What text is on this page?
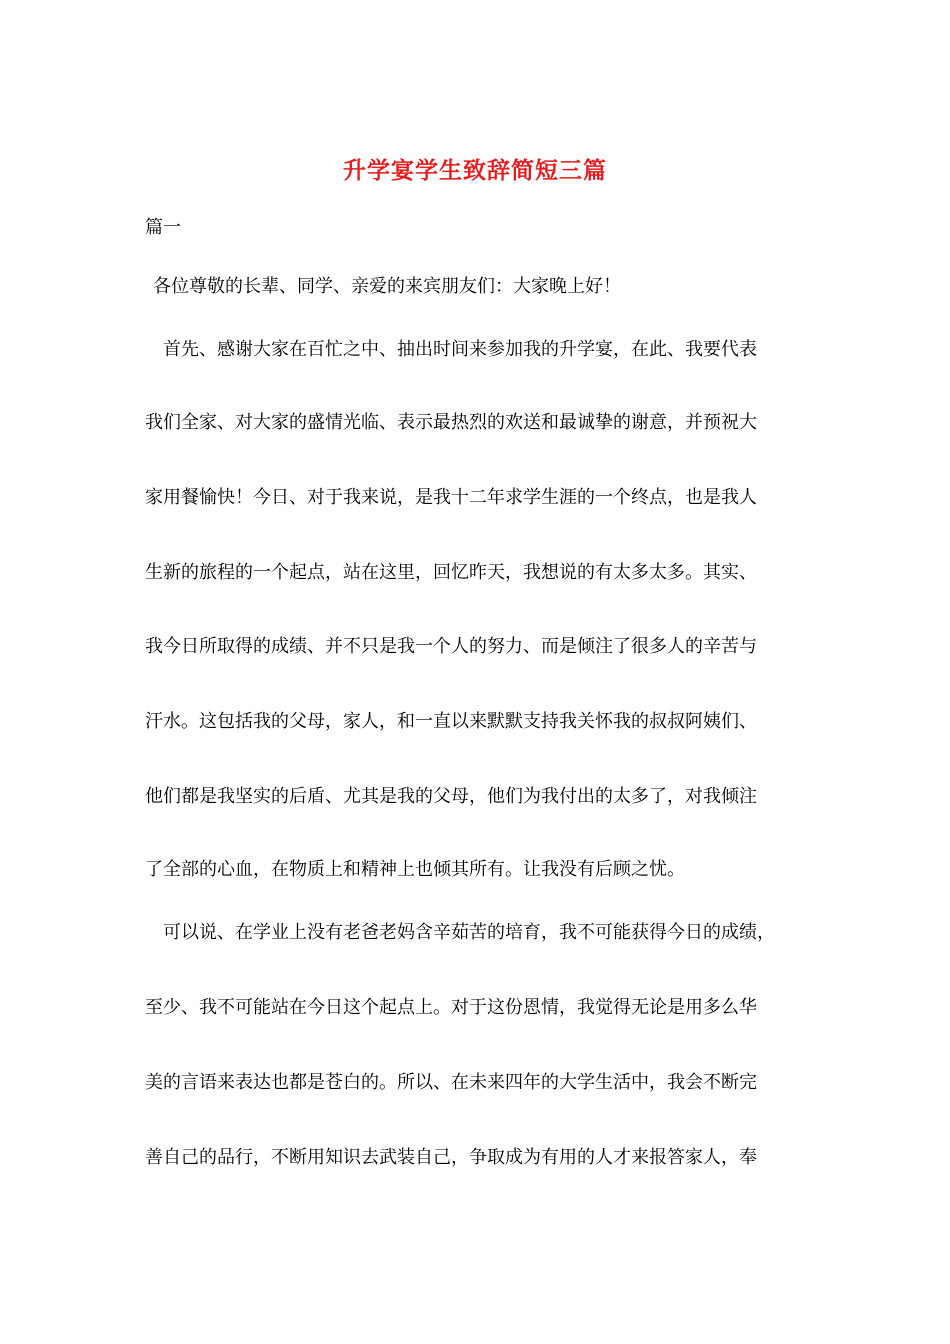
升学宴学生致辞简短三篇
篇一
各位尊敬的长辈、同学、亲爱的来宾朋友们：大家晚上好！
首先、感谢大家在百忙之中、抽出时间来参加我的升学宴，在此、我要代表
我们全家、对大家的盛情光临、表示最热烈的欢送和最诚挚的谢意，并预祝大
家用餐愉快！今日、对于我来说，是我十二年求学生涯的一个终点，也是我人
生新的旅程的一个起点，站在这里，回忆昨天，我想说的有太多太多。其实、
我今日所取得的成绩、并不只是我一个人的努力、而是倾注了很多人的辛苦与
汗水。这包括我的父母，家人，和一直以来默默支持我关怀我的叔叔阿姨们、
他们都是我坚实的后盾、尤其是我的父母，他们为我付出的太多了，对我倾注
了全部的心血，在物质上和精神上也倾其所有。让我没有后顾之忧。
可以说、在学业上没有老爸老妈含辛茹苦的培育，我不可能获得今日的成绩，
至少、我不可能站在今日这个起点上。对于这份恩情，我觉得无论是用多么华
美的言语来表达也都是苍白的。所以、在未来四年的大学生活中，我会不断完
善自己的品行，不断用知识去武装自己，争取成为有用的人才来报答家人，奉
